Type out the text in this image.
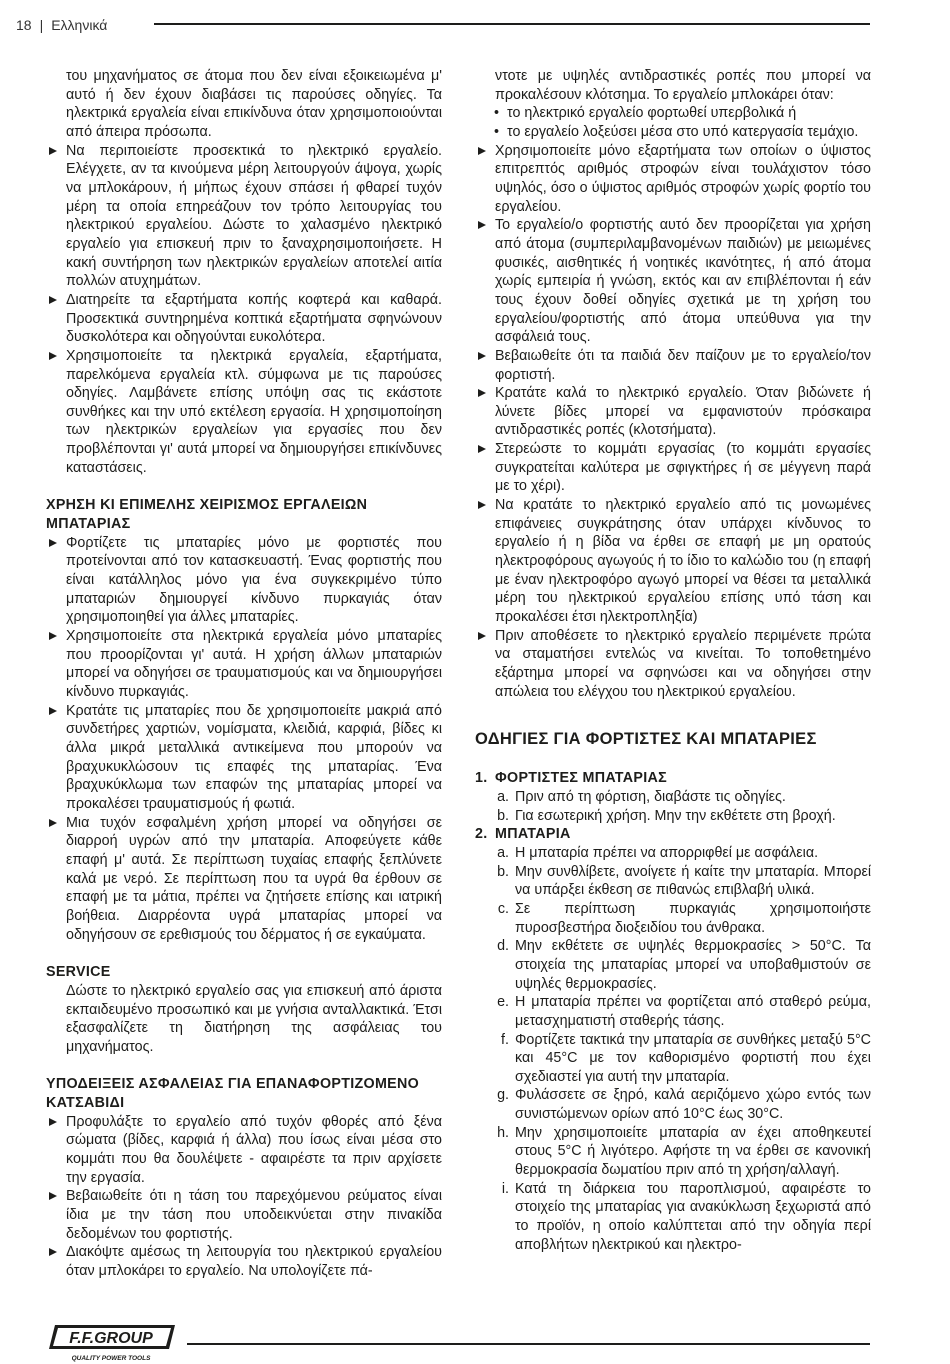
18 | Ελληνικά

του μηχανήματος σε άτομα που δεν είναι εξοικειωμένα μ' αυτό ή δεν έχουν διαβάσει τις παρούσες οδηγίες. Τα ηλεκτρικά εργαλεία είναι επικίνδυνα όταν χρησιμοποιούνται από άπειρα πρόσωπα.

Να περιποιείστε προσεκτικά το ηλεκτρικό εργαλείο. Ελέγχετε, αν τα κινούμενα μέρη λειτουργούν άψογα, χωρίς να μπλοκάρουν, ή μήπως έχουν σπάσει ή φθαρεί τυχόν μέρη τα οποία επηρεάζουν τον τρόπο λειτουργίας του ηλεκτρικού εργαλείου. Δώστε το χαλασμένο ηλεκτρικό εργαλείο για επισκευή πριν το ξαναχρησιμοποιήσετε. Η κακή συντήρηση των ηλεκτρικών εργαλείων αποτελεί αιτία πολλών ατυχημάτων.
Διατηρείτε τα εξαρτήματα κοπής κοφτερά και καθαρά. Προσεκτικά συντηρημένα κοπτικά εξαρτήματα σφηνώνουν δυσκολότερα και οδηγούνται ευκολότερα.
Χρησιμοποιείτε τα ηλεκτρικά εργαλεία, εξαρτήματα, παρελκόμενα εργαλεία κτλ. σύμφωνα με τις παρούσες οδηγίες. Λαμβάνετε επίσης υπόψη σας τις εκάστοτε συνθήκες και την υπό εκτέλεση εργασία. Η χρησιμοποίηση των ηλεκτρικών εργαλείων για εργασίες που δεν προβλέπονται γι' αυτά μπορεί να δημιουργήσει επικίνδυνες καταστάσεις.
ΧΡΗΣΗ ΚΙ ΕΠΙΜΕΛΗΣ ΧΕΙΡΙΣΜΟΣ ΕΡΓΑΛΕΙΩΝ ΜΠΑΤΑΡΙΑΣ
Φορτίζετε τις μπαταρίες μόνο με φορτιστές που προτείνονται από τον κατασκευαστή. Ένας φορτιστής που είναι κατάλληλος μόνο για ένα συγκεκριμένο τύπο μπαταριών δημιουργεί κίνδυνο πυρκαγιάς όταν χρησιμοποιηθεί για άλλες μπαταρίες.
Χρησιμοποιείτε στα ηλεκτρικά εργαλεία μόνο μπαταρίες που προορίζονται γι' αυτά. Η χρήση άλλων μπαταριών μπορεί να οδηγήσει σε τραυματισμούς και να δημιουργήσει κίνδυνο πυρκαγιάς.
Κρατάτε τις μπαταρίες που δε χρησιμοποιείτε μακριά από συνδετήρες χαρτιών, νομίσματα, κλειδιά, καρφιά, βίδες κι άλλα μικρά μεταλλικά αντικείμενα που μπορούν να βραχυκυκλώσουν τις επαφές της μπαταρίας. Ένα βραχυκύκλωμα των επαφών της μπαταρίας μπορεί να προκαλέσει τραυματισμούς ή φωτιά.
Μια τυχόν εσφαλμένη χρήση μπορεί να οδηγήσει σε διαρροή υγρών από την μπαταρία. Αποφεύγετε κάθε επαφή μ' αυτά. Σε περίπτωση τυχαίας επαφής ξεπλύνετε καλά με νερό. Σε περίπτωση που τα υγρά θα έρθουν σε επαφή με τα μάτια, πρέπει να ζητήσετε επίσης και ιατρική βοήθεια. Διαρρέοντα υγρά μπαταρίας μπορεί να οδηγήσουν σε ερεθισμούς του δέρματος ή σε εγκαύματα.
SERVICE

Δώστε το ηλεκτρικό εργαλείο σας για επισκευή από άριστα εκπαιδευμένο προσωπικό και με γνήσια ανταλλακτικά. Έτσι εξασφαλίζετε τη διατήρηση της ασφάλειας του μηχανήματος.

ΥΠΟΔΕΙΞΕΙΣ ΑΣΦΑΛΕΙΑΣ ΓΙΑ ΕΠΑΝΑΦΟΡΤΙΖΟΜΕΝΟ ΚΑΤΣΑΒΙΔΙ
Προφυλάξτε το εργαλείο από τυχόν φθορές από ξένα σώματα (βίδες, καρφιά ή άλλα) που ίσως είναι μέσα στο κομμάτι που θα δουλέψετε - αφαιρέστε τα πριν αρχίσετε την εργασία.
Βεβαιωθείτε ότι η τάση του παρεχόμενου ρεύματος είναι ίδια με την τάση που υποδεικνύεται στην πινακίδα δεδομένων του φορτιστής.
Διακόψτε αμέσως τη λειτουργία του ηλεκτρικού εργαλείου όταν μπλοκάρει το εργαλείο. Να υπολογίζετε πά-

ντοτε με υψηλές αντιδραστικές ροπές που μπορεί να προκαλέσουν κλότσημα. Το εργαλείο μπλοκάρει όταν:

• το ηλεκτρικό εργαλείο φορτωθεί υπερβολικά ή
• το εργαλείο λοξεύσει μέσα στο υπό κατεργασία τεμάχιο.
Χρησιμοποιείτε μόνο εξαρτήματα των οποίων ο ύψιστος επιτρεπτός αριθμός στροφών είναι τουλάχιστον τόσο υψηλός, όσο ο ύψιστος αριθμός στροφών χωρίς φορτίο του εργαλείου.
Το εργαλείο/ο φορτιστής αυτό δεν προορίζεται για χρήση από άτομα (συμπεριλαμβανομένων παιδιών) με μειωμένες φυσικές, αισθητικές ή νοητικές ικανότητες, ή από άτομα χωρίς εμπειρία ή γνώση, εκτός και αν επιβλέπονται ή εάν τους έχουν δοθεί οδηγίες σχετικά με τη χρήση του εργαλείου/φορτιστής από άτομα υπεύθυνα για την ασφάλειά τους.
Βεβαιωθείτε ότι τα παιδιά δεν παίζουν με το εργαλείο/τον φορτιστή.
Κρατάτε καλά το ηλεκτρικό εργαλείο. Όταν βιδώνετε ή λύνετε βίδες μπορεί να εμφανιστούν πρόσκαιρα αντιδραστικές ροπές (κλοτσήματα).
Στερεώστε το κομμάτι εργασίας (το κομμάτι εργασίες συγκρατείται καλύτερα με σφιγκτήρες ή σε μέγγενη παρά με το χέρι).
Να κρατάτε το ηλεκτρικό εργαλείο από τις μονωμένες επιφάνειες συγκράτησης όταν υπάρχει κίνδυνος το εργαλείο ή η βίδα να έρθει σε επαφή με μη ορατούς ηλεκτροφόρους αγωγούς ή το ίδιο το καλώδιο του (η επαφή με έναν ηλεκτροφόρο αγωγό μπορεί να θέσει τα μεταλλικά μέρη του ηλεκτρικού εργαλείου επίσης υπό τάση και προκαλέσει έτσι ηλεκτροπληξία)
Πριν αποθέσετε το ηλεκτρικό εργαλείο περιμένετε πρώτα να σταματήσει εντελώς να κινείται. Το τοποθετημένο εξάρτημα μπορεί να σφηνώσει και να οδηγήσει στην απώλεια του ελέγχου του ηλεκτρικού εργαλείου.
ΟΔΗΓΙΕΣ ΓΙΑ ΦΟΡΤΙΣΤΕΣ ΚΑΙ ΜΠΑΤΑΡΙΕΣ
1. ΦΟΡΤΙΣΤΕΣ ΜΠΑΤΑΡΙΑΣ
a. Πριν από τη φόρτιση, διαβάστε τις οδηγίες.
b. Για εσωτερική χρήση. Μην την εκθέτετε στη βροχή.
2. ΜΠΑΤΑΡΙΑ
a. Η μπαταρία πρέπει να απορριφθεί με ασφάλεια.
b. Μην συνθλίβετε, ανοίγετε ή καίτε την μπαταρία. Μπορεί να υπάρξει έκθεση σε πιθανώς επιβλαβή υλικά.
c. Σε περίπτωση πυρκαγιάς χρησιμοποιήστε πυροσβεστήρα διοξειδίου του άνθρακα.
d. Μην εκθέτετε σε υψηλές θερμοκρασίες > 50°C. Τα στοιχεία της μπαταρίας μπορεί να υποβαθμιστούν σε υψηλές θερμοκρασίες.
e. Η μπαταρία πρέπει να φορτίζεται από σταθερό ρεύμα, μετασχηματιστή σταθερής τάσης.
f. Φορτίζετε τακτικά την μπαταρία σε συνθήκες μεταξύ 5°C και 45°C με τον καθορισμένο φορτιστή που έχει σχεδιαστεί για αυτή την μπαταρία.
g. Φυλάσσετε σε ξηρό, καλά αεριζόμενο χώρο εντός των συνιστώμενων ορίων από 10°C έως 30°C.
h. Μην χρησιμοποιείτε μπαταρία αν έχει αποθηκευτεί στους 5°C ή λιγότερο. Αφήστε τη να έρθει σε κανονική θερμοκρασία δωματίου πριν από τη χρήση/αλλαγή.
i. Κατά τη διάρκεια του παροπλισμού, αφαιρέστε το στοιχείο της μπαταρίας για ανακύκλωση ξεχωριστά από το προϊόν, η οποίο καλύπτεται από την οδηγία περί αποβλήτων ηλεκτρικού και ηλεκτρο-
F.F.GROUP
QUALITY POWER TOOLS
